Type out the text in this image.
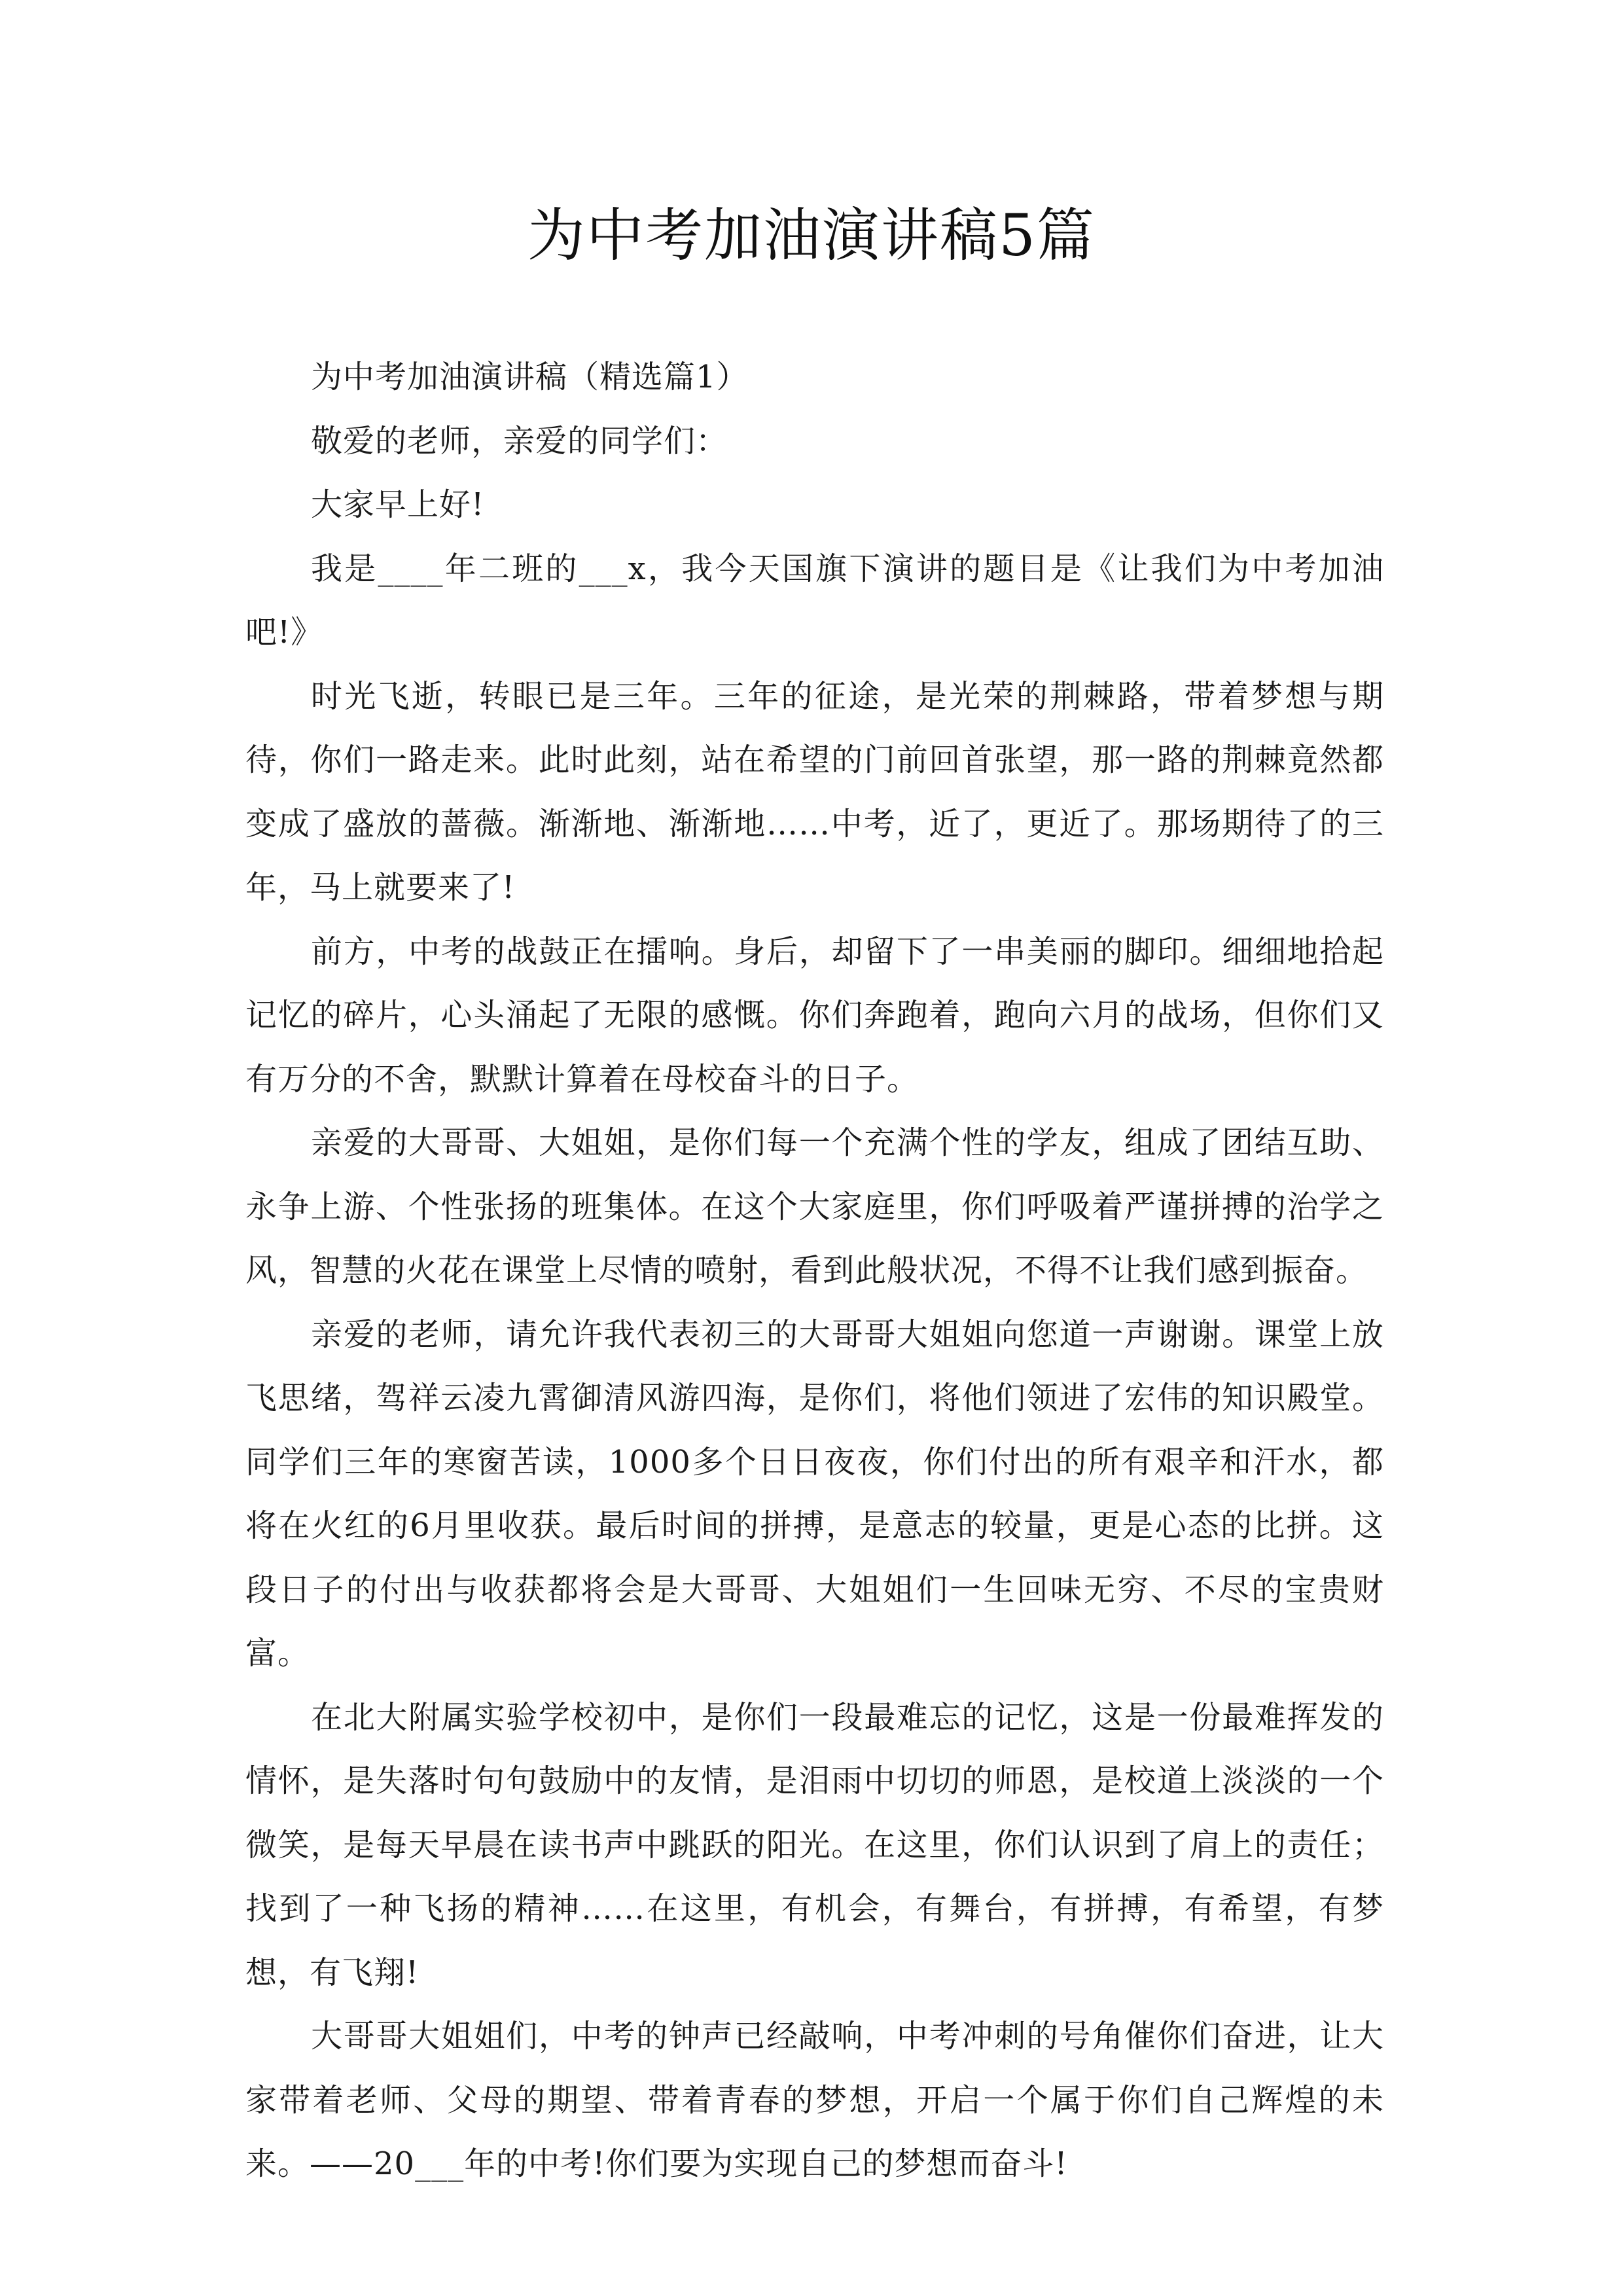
为中考加油演讲稿5篇

为中考加油演讲稿（精选篇1）

敬爱的老师，亲爱的同学们：

大家早上好!

我是____年二班的___x，我今天国旗下演讲的题目是《让我们为中考加油吧!》

时光飞逝，转眼已是三年。三年的征途，是光荣的荆棘路，带着梦想与期待，你们一路走来。此时此刻，站在希望的门前回首张望，那一路的荆棘竟然都变成了盛放的蔷薇。渐渐地、渐渐地……中考，近了，更近了。那场期待了的三年，马上就要来了!

前方，中考的战鼓正在擂响。身后，却留下了一串美丽的脚印。细细地拾起记忆的碎片，心头涌起了无限的感慨。你们奔跑着，跑向六月的战场，但你们又有万分的不舍，默默计算着在母校奋斗的日子。

亲爱的大哥哥、大姐姐，是你们每一个充满个性的学友，组成了团结互助、永争上游、个性张扬的班集体。在这个大家庭里，你们呼吸着严谨拼搏的治学之风，智慧的火花在课堂上尽情的喷射，看到此般状况，不得不让我们感到振奋。

亲爱的老师，请允许我代表初三的大哥哥大姐姐向您道一声谢谢。课堂上放飞思绪，驾祥云凌九霄御清风游四海，是你们，将他们领进了宏伟的知识殿堂。同学们三年的寒窗苦读，1000多个日日夜夜，你们付出的所有艰辛和汗水，都将在火红的6月里收获。最后时间的拼搏，是意志的较量，更是心态的比拼。这段日子的付出与收获都将会是大哥哥、大姐姐们一生回味无穷、不尽的宝贵财富。

在北大附属实验学校初中，是你们一段最难忘的记忆，这是一份最难挥发的情怀，是失落时句句鼓励中的友情，是泪雨中切切的师恩，是校道上淡淡的一个微笑，是每天早晨在读书声中跳跃的阳光。在这里，你们认识到了肩上的责任；找到了一种飞扬的精神……在这里，有机会，有舞台，有拼搏，有希望，有梦想，有飞翔!

大哥哥大姐姐们，中考的钟声已经敲响，中考冲刺的号角催你们奋进，让大家带着老师、父母的期望、带着青春的梦想，开启一个属于你们自己辉煌的未来。——20___年的中考!你们要为实现自己的梦想而奋斗!
